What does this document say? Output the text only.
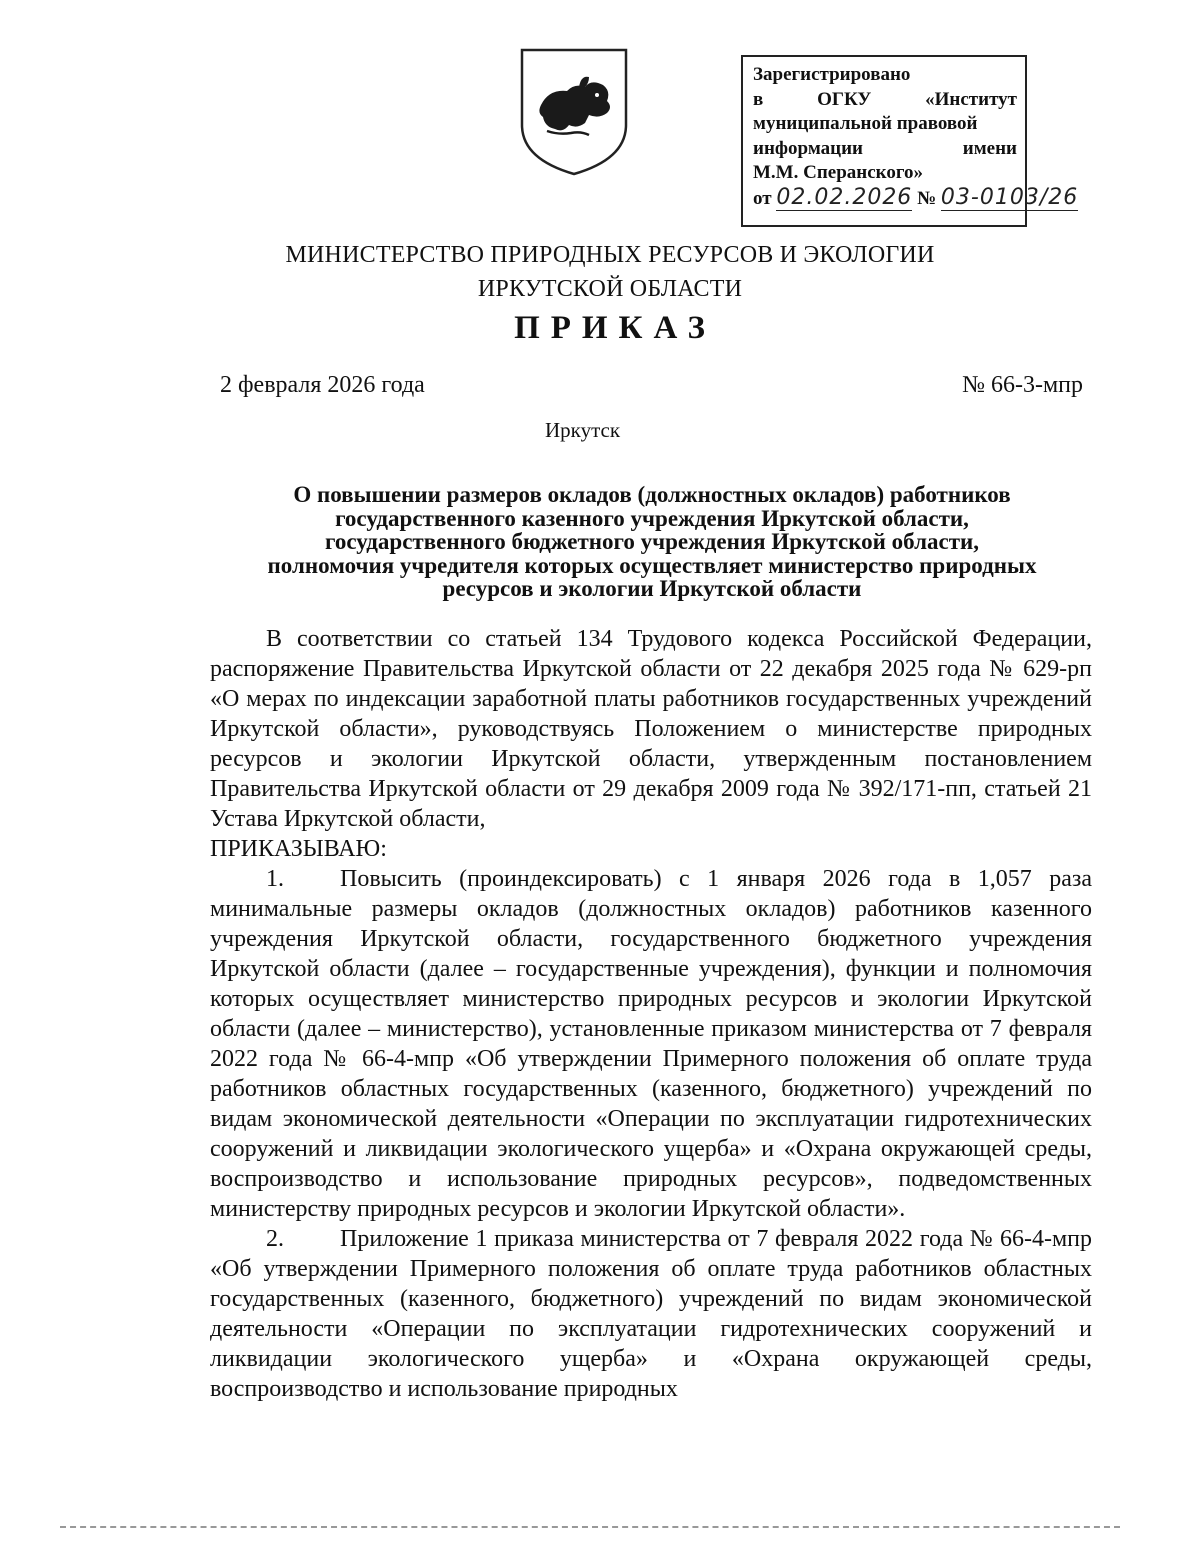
Зарегистрировано
в	ОГКУ	«Институт
муниципальной правовой
информации	имени
М.М. Сперанского»
от 02.02.2026 № 03-0103/26
МИНИСТЕРСТВО ПРИРОДНЫХ РЕСУРСОВ И ЭКОЛОГИИ
ИРКУТСКОЙ ОБЛАСТИ
ПРИКАЗ
2 февраля 2026 года	№ 66-3-мпр
Иркутск
О повышении размеров окладов (должностных окладов) работников
государственного казенного учреждения Иркутской области,
государственного бюджетного учреждения Иркутской области,
полномочия учредителя которых осуществляет министерство природных
ресурсов и экологии Иркутской области

В соответствии со статьей 134 Трудового кодекса Российской Федерации, распоряжение Правительства Иркутской области от 22 декабря 2025 года № 629-рп «О мерах по индексации заработной платы работников государственных учреждений Иркутской области», руководствуясь Положением о министерстве природных ресурсов и экологии Иркутской области, утвержденным постановлением Правительства Иркутской области от 29 декабря 2009 года № 392/171-пп, статьей 21 Устава Иркутской области,

ПРИКАЗЫВАЮ:

1. Повысить (проиндексировать) с 1 января 2026 года в 1,057 раза минимальные размеры окладов (должностных окладов) работников казенного учреждения Иркутской области, государственного бюджетного учреждения Иркутской области (далее – государственные учреждения), функции и полномочия которых осуществляет министерство природных ресурсов и экологии Иркутской области (далее – министерство), установленные приказом министерства от 7 февраля 2022 года № 66-4-мпр «Об утверждении Примерного положения об оплате труда работников областных государственных (казенного, бюджетного) учреждений по видам экономической деятельности «Операции по эксплуатации гидротехнических сооружений и ликвидации экологического ущерба» и «Охрана окружающей среды, воспроизводство и использование природных ресурсов», подведомственных министерству природных ресурсов и экологии Иркутской области».

2. Приложение 1 приказа министерства от 7 февраля 2022 года № 66-4-мпр «Об утверждении Примерного положения об оплате труда работников областных государственных (казенного, бюджетного) учреждений по видам экономической деятельности «Операции по эксплуатации гидротехнических сооружений и ликвидации экологического ущерба» и «Охрана окружающей среды, воспроизводство и использование природных
